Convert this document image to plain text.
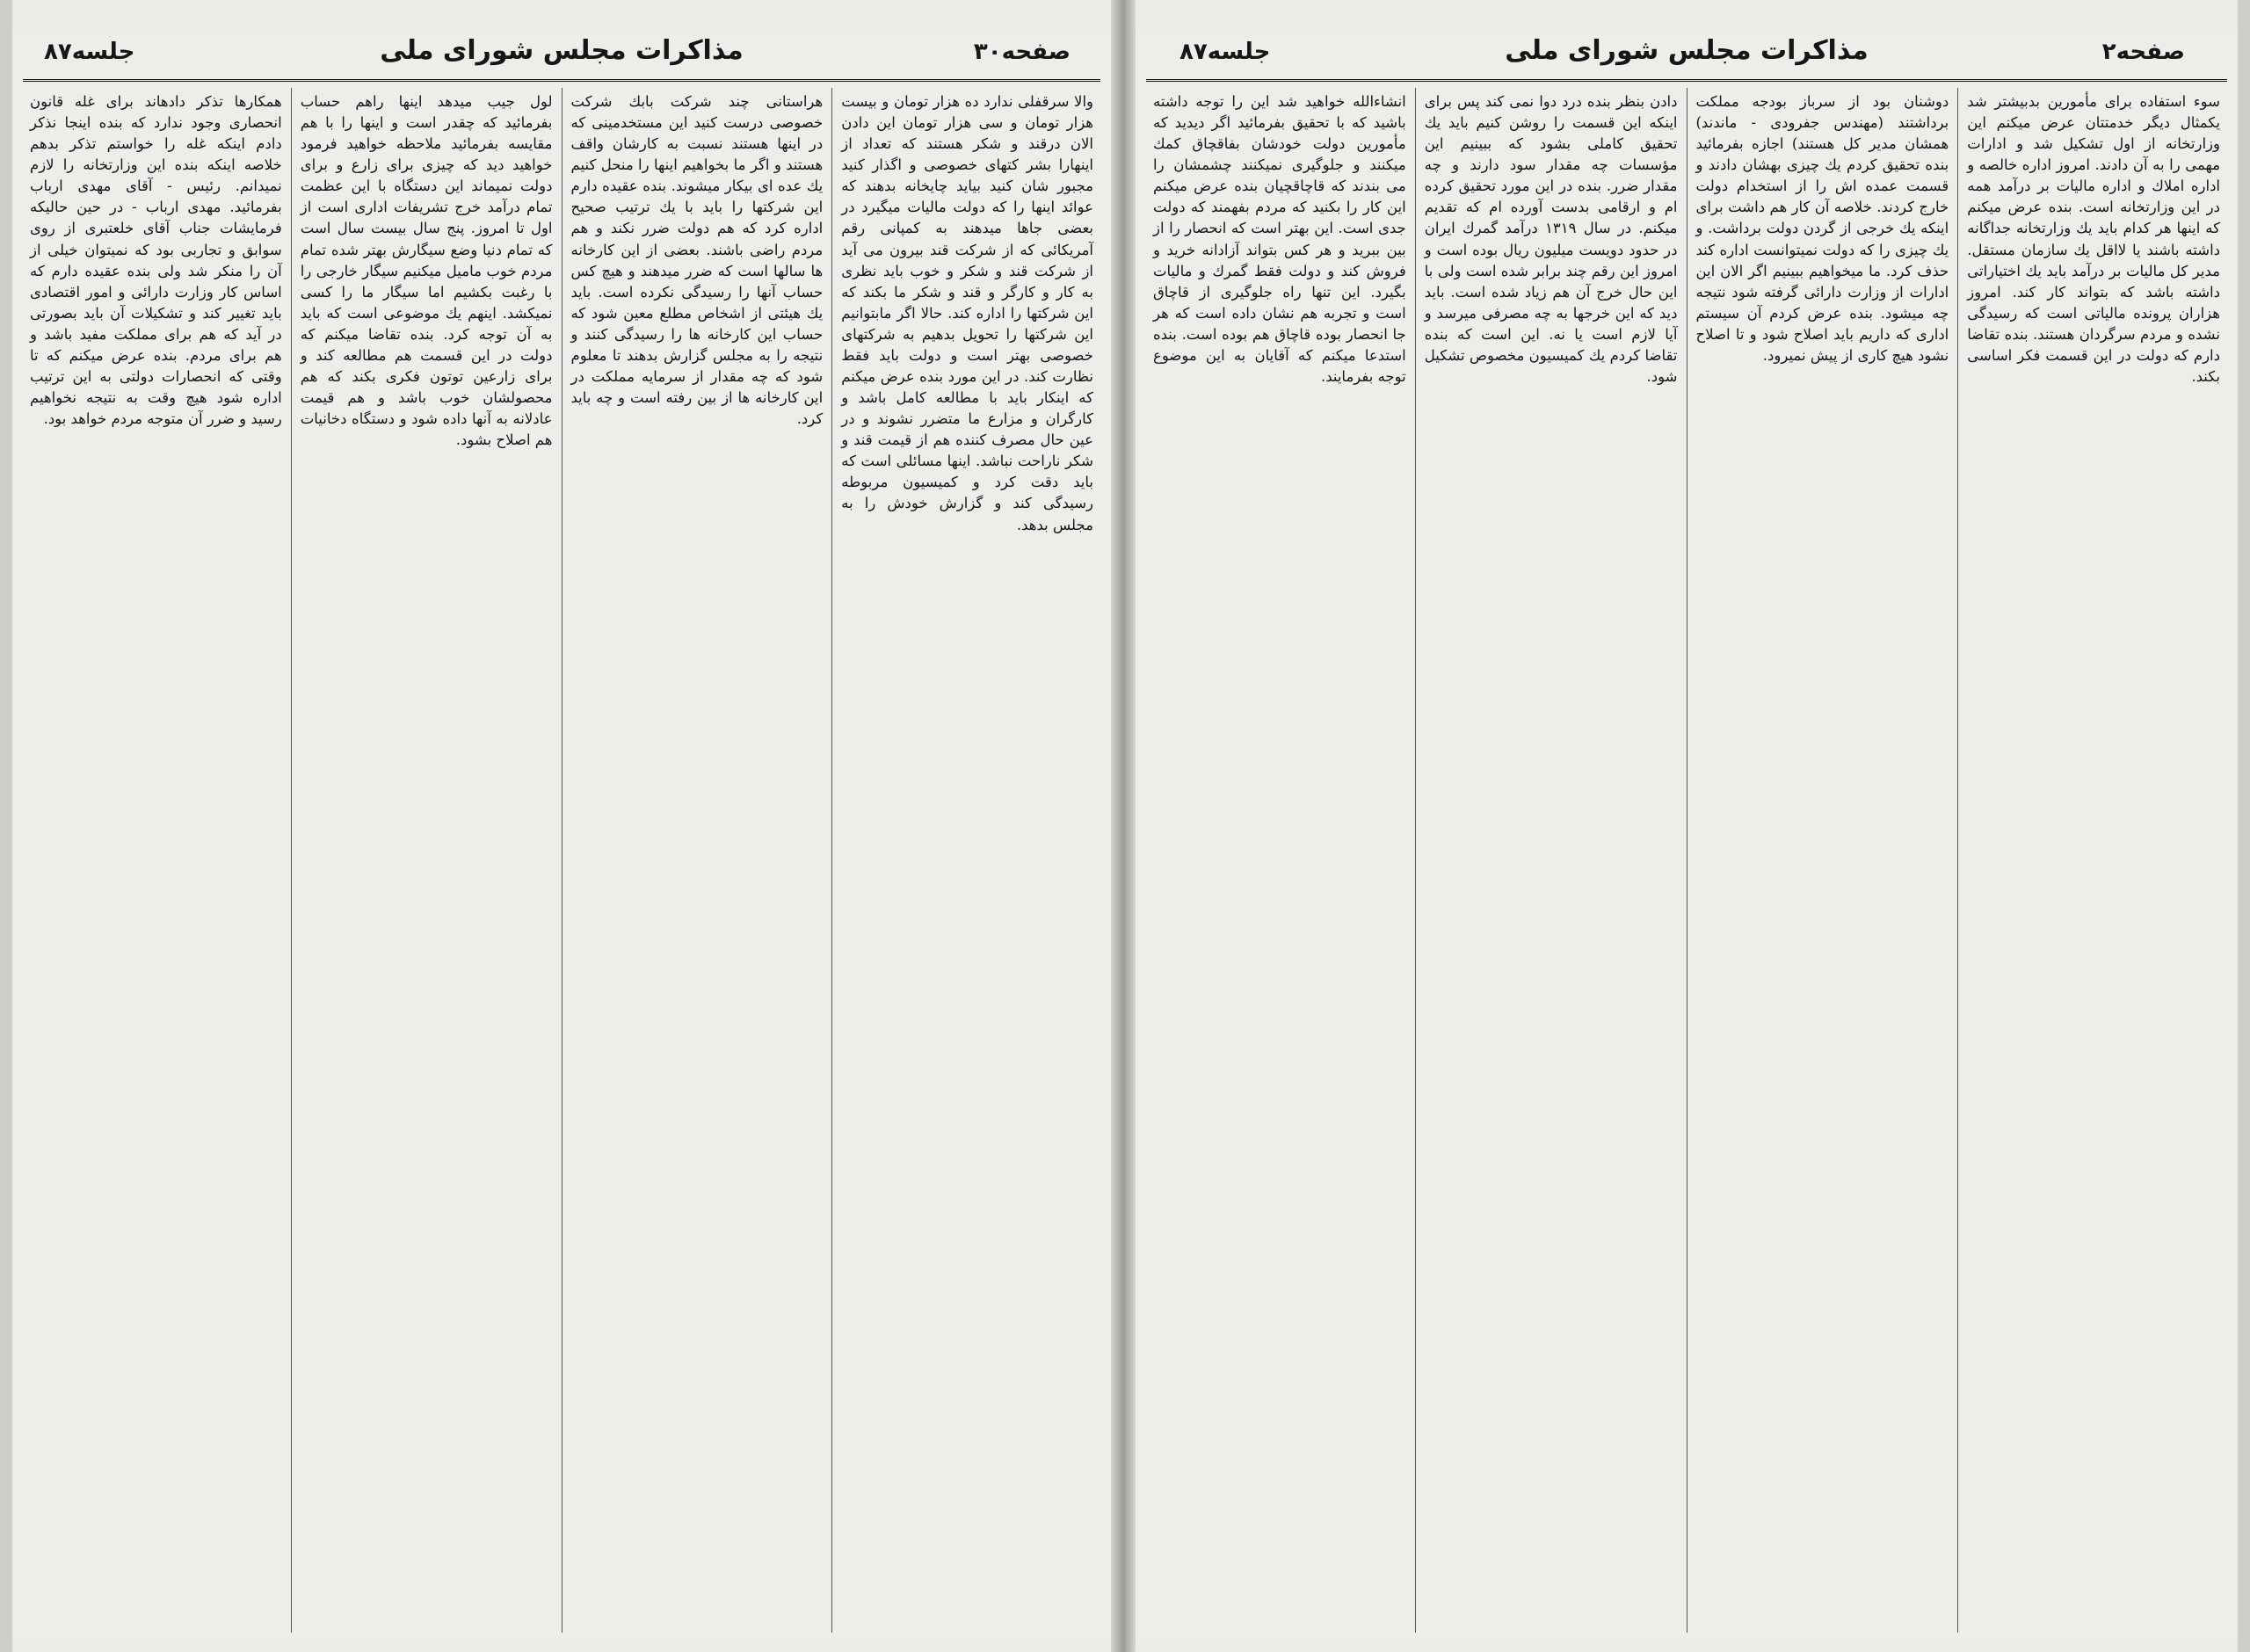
صفحه۳۰
مذاکرات مجلس شورای ملی
جلسه۸۷

والا سرقفلی ندارد ده هزار تومان و بیست هزار تومان و سی هزار تومان این دادن الان درقند و شکر هستند که تعداد از اینهارا بشر کتهای خصوصی و اگذار کنید مجبور شان کنید بیاید چایخانه بدهند که عوائد اینها را که دولت مالیات میگیرد در بعضی جاها میدهند به کمپانی رقم آمریکائی که از شرکت قند بیرون می آید از شرکت قند و شکر و خوب باید نظری به کار و کارگر و قند و شکر ما بکند که این شرکتها را اداره کند. حالا اگر مابتوانیم این شرکتها را تحویل بدهیم به شرکتهای خصوصی بهتر است و دولت باید فقط نظارت کند. در این مورد بنده عرض میکنم که اینکار باید با مطالعه کامل باشد و کارگران و مزارع ما متضرر نشوند و در عین حال مصرف کننده هم از قیمت قند و شکر ناراحت نباشد. اینها مسائلی است که باید دقت کرد و کمیسیون مربوطه رسیدگی کند و گزارش خودش را به مجلس بدهد.

هراستانی چند شرکت بابك شرکت خصوصی درست کنید این مستخدمینی که در اینها هستند نسبت به کارشان واقف هستند و اگر ما بخواهیم اینها را منحل کنیم یك عده ای بیکار میشوند. بنده عقیده دارم این شرکتها را باید با یك ترتیب صحیح اداره کرد که هم دولت ضرر نکند و هم مردم راضی باشند. بعضی از این کارخانه ها سالها است که ضرر میدهند و هیچ کس حساب آنها را رسیدگی نکرده است. باید یك هیئتی از اشخاص مطلع معین شود که حساب این کارخانه ها را رسیدگی کنند و نتیجه را به مجلس گزارش بدهند تا معلوم شود که چه مقدار از سرمایه مملکت در این کارخانه ها از بین رفته است و چه باید کرد.

لول جیب میدهد اینها راهم حساب بفرمائید که چقدر است و اینها را با هم مقایسه بفرمائید ملاحظه خواهید فرمود خواهید دید که چیزی برای زارع و برای دولت نمیماند این دستگاه با این عظمت تمام درآمد خرج تشریفات اداری است از اول تا امروز. پنج سال بیست سال است که تمام دنیا وضع سیگارش بهتر شده تمام مردم خوب مامیل میکنیم سیگار خارجی را با رغبت بکشیم اما سیگار ما را کسی نمیکشد. اینهم یك موضوعی است که باید به آن توجه کرد. بنده تقاضا میکنم که دولت در این قسمت هم مطالعه کند و برای زارعین توتون فکری بکند که هم محصولشان خوب باشد و هم قیمت عادلانه به آنها داده شود و دستگاه دخانیات هم اصلاح بشود.

همکارها تذکر دادهاند برای غله قانون انحصاری وجود ندارد که بنده اینجا نذکر دادم اینکه غله را خواستم تذکر بدهم خلاصه اینکه بنده این وزارتخانه را لازم نمیدانم. رئیس - آقای مهدی ارباب بفرمائید. مهدی ارباب - در حین حالیکه فرمایشات جناب آقای خلعتبری از روی سوابق و تجاربی بود که نمیتوان خیلی از آن را منکر شد ولی بنده عقیده دارم که اساس کار وزارت دارائی و امور اقتصادی باید تغییر کند و تشکیلات آن باید بصورتی در آید که هم برای مملکت مفید باشد و هم برای مردم. بنده عرض میکنم که تا وقتی که انحصارات دولتی به این ترتیب اداره شود هیچ وقت به نتیجه نخواهیم رسید و ضرر آن متوجه مردم خواهد بود.

صفحه۲
مذاکرات مجلس شورای ملی
جلسه۸۷

سوء استفاده برای مأمورین بدبیشتر شد یکمثال دیگر خدمتتان عرض میکنم این وزارتخانه از اول تشکیل شد و ادارات مهمی را به آن دادند. امروز اداره خالصه و اداره املاك و اداره مالیات بر درآمد همه در این وزارتخانه است. بنده عرض میکنم که اینها هر کدام باید یك وزارتخانه جداگانه داشته باشند یا لااقل یك سازمان مستقل. مدیر کل مالیات بر درآمد باید یك اختیاراتی داشته باشد که بتواند کار کند. امروز هزاران پرونده مالیاتی است که رسیدگی نشده و مردم سرگردان هستند. بنده تقاضا دارم که دولت در این قسمت فکر اساسی بکند.

دوشنان بود از سرباز بودجه مملکت برداشتند (مهندس جفرودی - ماندند) همشان مدیر کل هستند) اجازه بفرمائید بنده تحقیق کردم یك چیزی بهشان دادند و قسمت عمده اش را از استخدام دولت خارج کردند. خلاصه آن کار هم داشت برای اینکه یك خرجی از گردن دولت برداشت. و یك چیزی را که دولت نمیتوانست اداره کند حذف کرد. ما میخواهیم ببینیم اگر الان این ادارات از وزارت دارائی گرفته شود نتیجه چه میشود. بنده عرض کردم آن سیستم اداری که داریم باید اصلاح شود و تا اصلاح نشود هیچ کاری از پیش نمیرود.

دادن بنظر بنده درد دوا نمی کند پس برای اینکه این قسمت را روشن کنیم باید یك تحقیق کاملی بشود که ببینیم این مؤسسات چه مقدار سود دارند و چه مقدار ضرر. بنده در این مورد تحقیق کرده ام و ارقامی بدست آورده ام که تقدیم میکنم. در سال ۱۳۱۹ درآمد گمرك ایران در حدود دویست میلیون ریال بوده است و امروز این رقم چند برابر شده است ولی با این حال خرج آن هم زیاد شده است. باید دید که این خرجها به چه مصرفی میرسد و آیا لازم است یا نه. این است که بنده تقاضا کردم یك کمیسیون مخصوص تشکیل شود.

انشاءالله خواهید شد این را توجه داشته باشید که با تحقیق بفرمائید اگر دیدید که مأمورین دولت خودشان بفاقچاق کمك میکنند و جلوگیری نمیکنند چشمشان را می بندند که قاچاقچیان بنده عرض میکنم این کار را بکنید که مردم بفهمند که دولت جدی است. این بهتر است که انحصار را از بین ببرید و هر کس بتواند آزادانه خرید و فروش کند و دولت فقط گمرك و مالیات بگیرد. این تنها راه جلوگیری از قاچاق است و تجربه هم نشان داده است که هر جا انحصار بوده قاچاق هم بوده است. بنده استدعا میکنم که آقایان به این موضوع توجه بفرمایند.
